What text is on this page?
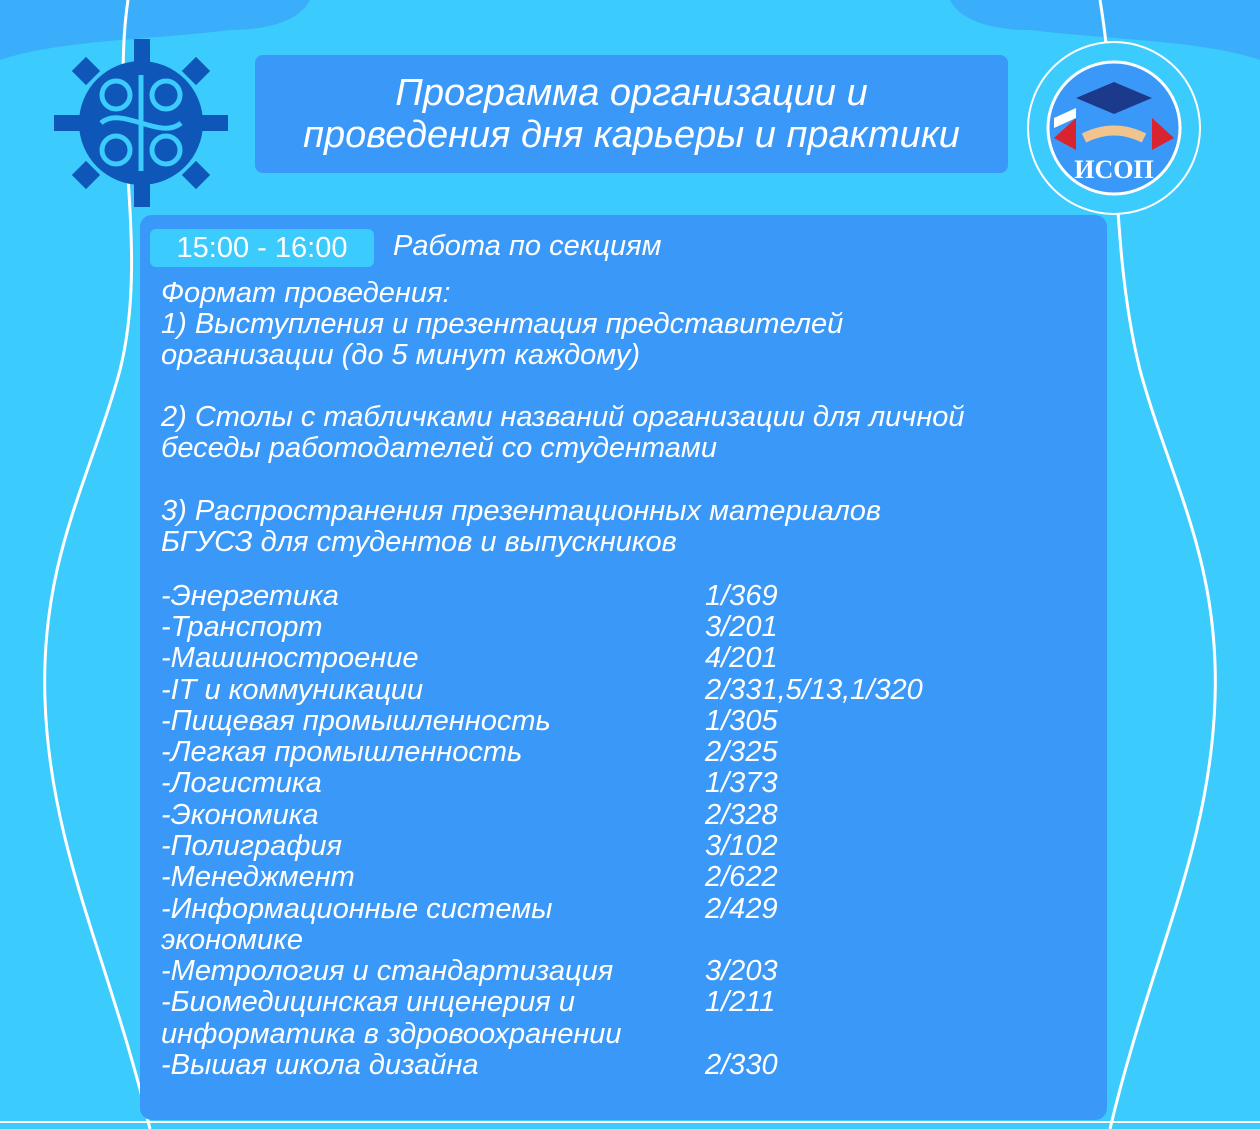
Программа организации и
проведения дня карьеры и практики
ИСОП
15:00 - 16:00	Работа по секциям
Формат проведения:
1) Выступления и презентация представителей
организации (до 5 минут каждому)
2) Столы с табличками названий организации для личной
беседы работодателей со студентами
3) Распространения презентационных материалов
БГУСЗ для студентов и выпускников
-Энергетика	1/369
-Транспорт	3/201
-Машиностроение	4/201
-IT и коммуникации	2/331,5/13,1/320
-Пищевая промышленность	1/305
-Легкая промышленность	2/325
-Логистика	1/373
-Экономика	2/328
-Полиграфия	3/102
-Менеджмент	2/622
-Информационные системы	2/429
экономике
-Метрология и стандартизация	3/203
-Биомедицинская инценерия и	1/211
информатика в здровоохранении
-Вышая школа дизайна	2/330
